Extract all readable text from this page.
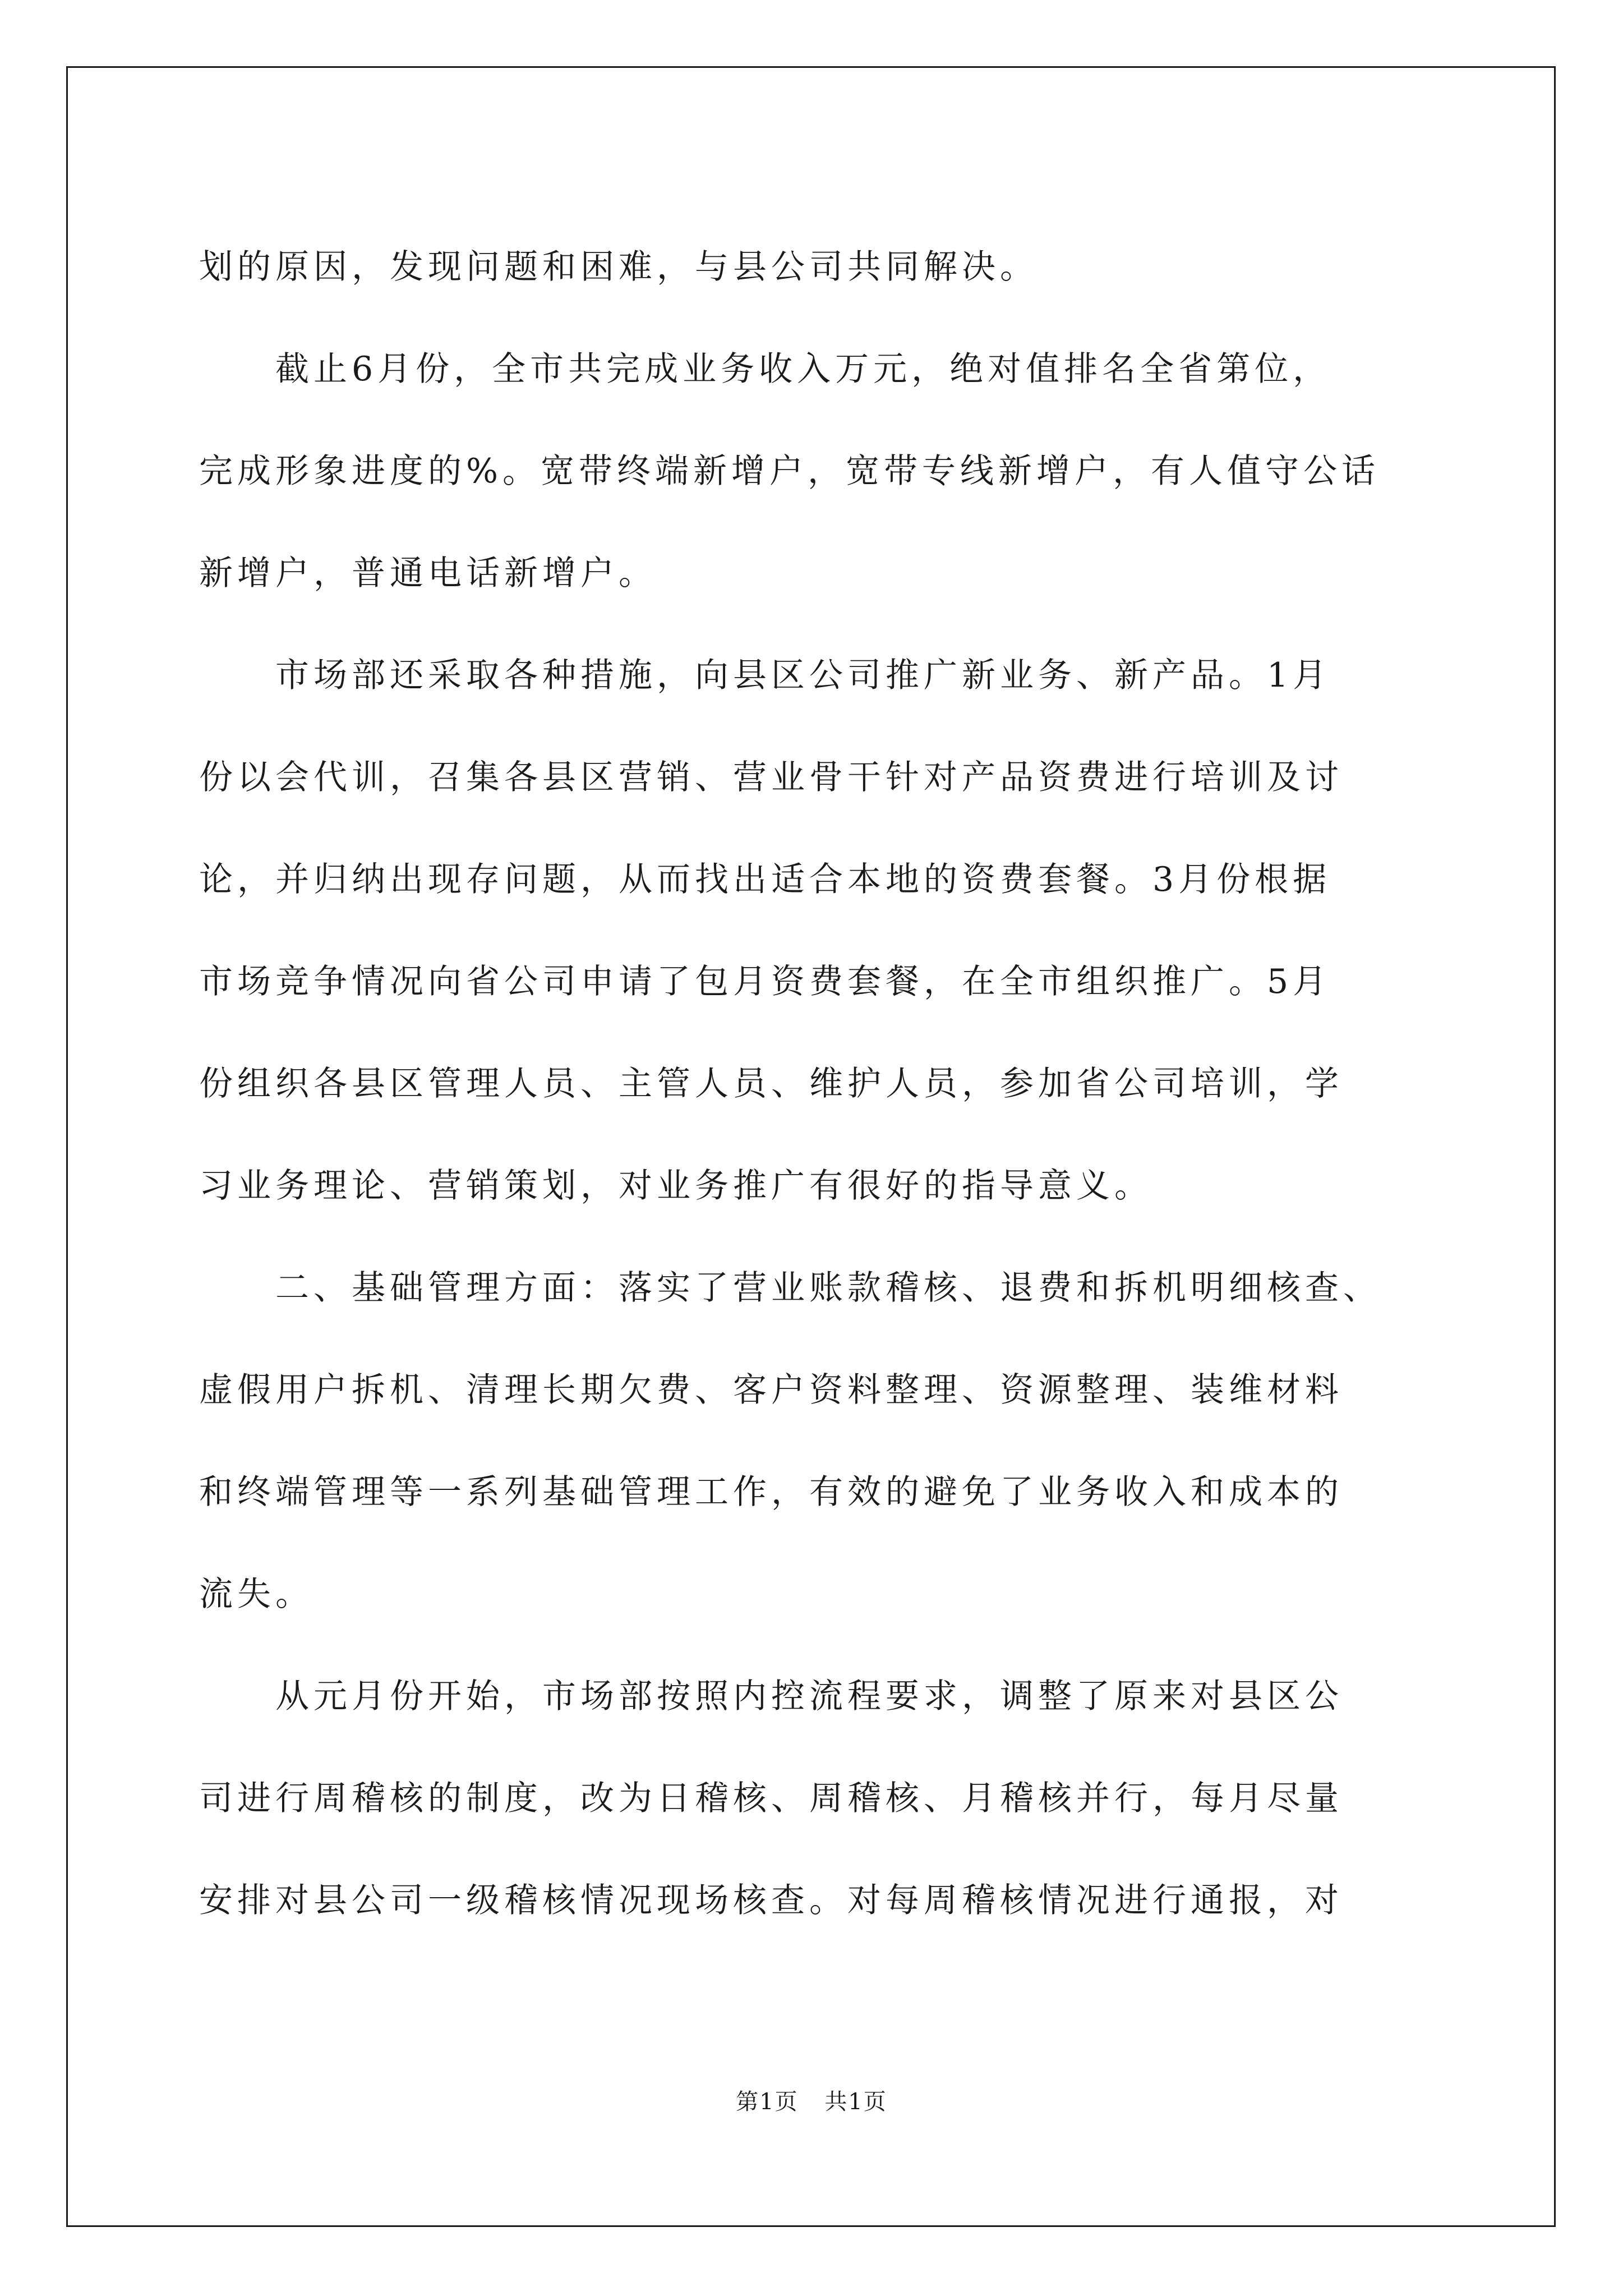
划的原因，发现问题和困难，与县公司共同解决。
截止6月份，全市共完成业务收入万元，绝对值排名全省第位，
完成形象进度的%。宽带终端新增户，宽带专线新增户，有人值守公话
新增户，普通电话新增户。
市场部还采取各种措施，向县区公司推广新业务、新产品。1月
份以会代训，召集各县区营销、营业骨干针对产品资费进行培训及讨
论，并归纳出现存问题，从而找出适合本地的资费套餐。3月份根据
市场竞争情况向省公司申请了包月资费套餐，在全市组织推广。5月
份组织各县区管理人员、主管人员、维护人员，参加省公司培训，学
习业务理论、营销策划，对业务推广有很好的指导意义。
二、基础管理方面：落实了营业账款稽核、退费和拆机明细核查、
虚假用户拆机、清理长期欠费、客户资料整理、资源整理、装维材料
和终端管理等一系列基础管理工作，有效的避免了业务收入和成本的
流失。
从元月份开始，市场部按照内控流程要求，调整了原来对县区公
司进行周稽核的制度，改为日稽核、周稽核、月稽核并行，每月尽量
安排对县公司一级稽核情况现场核查。对每周稽核情况进行通报，对
第1页 共1页
